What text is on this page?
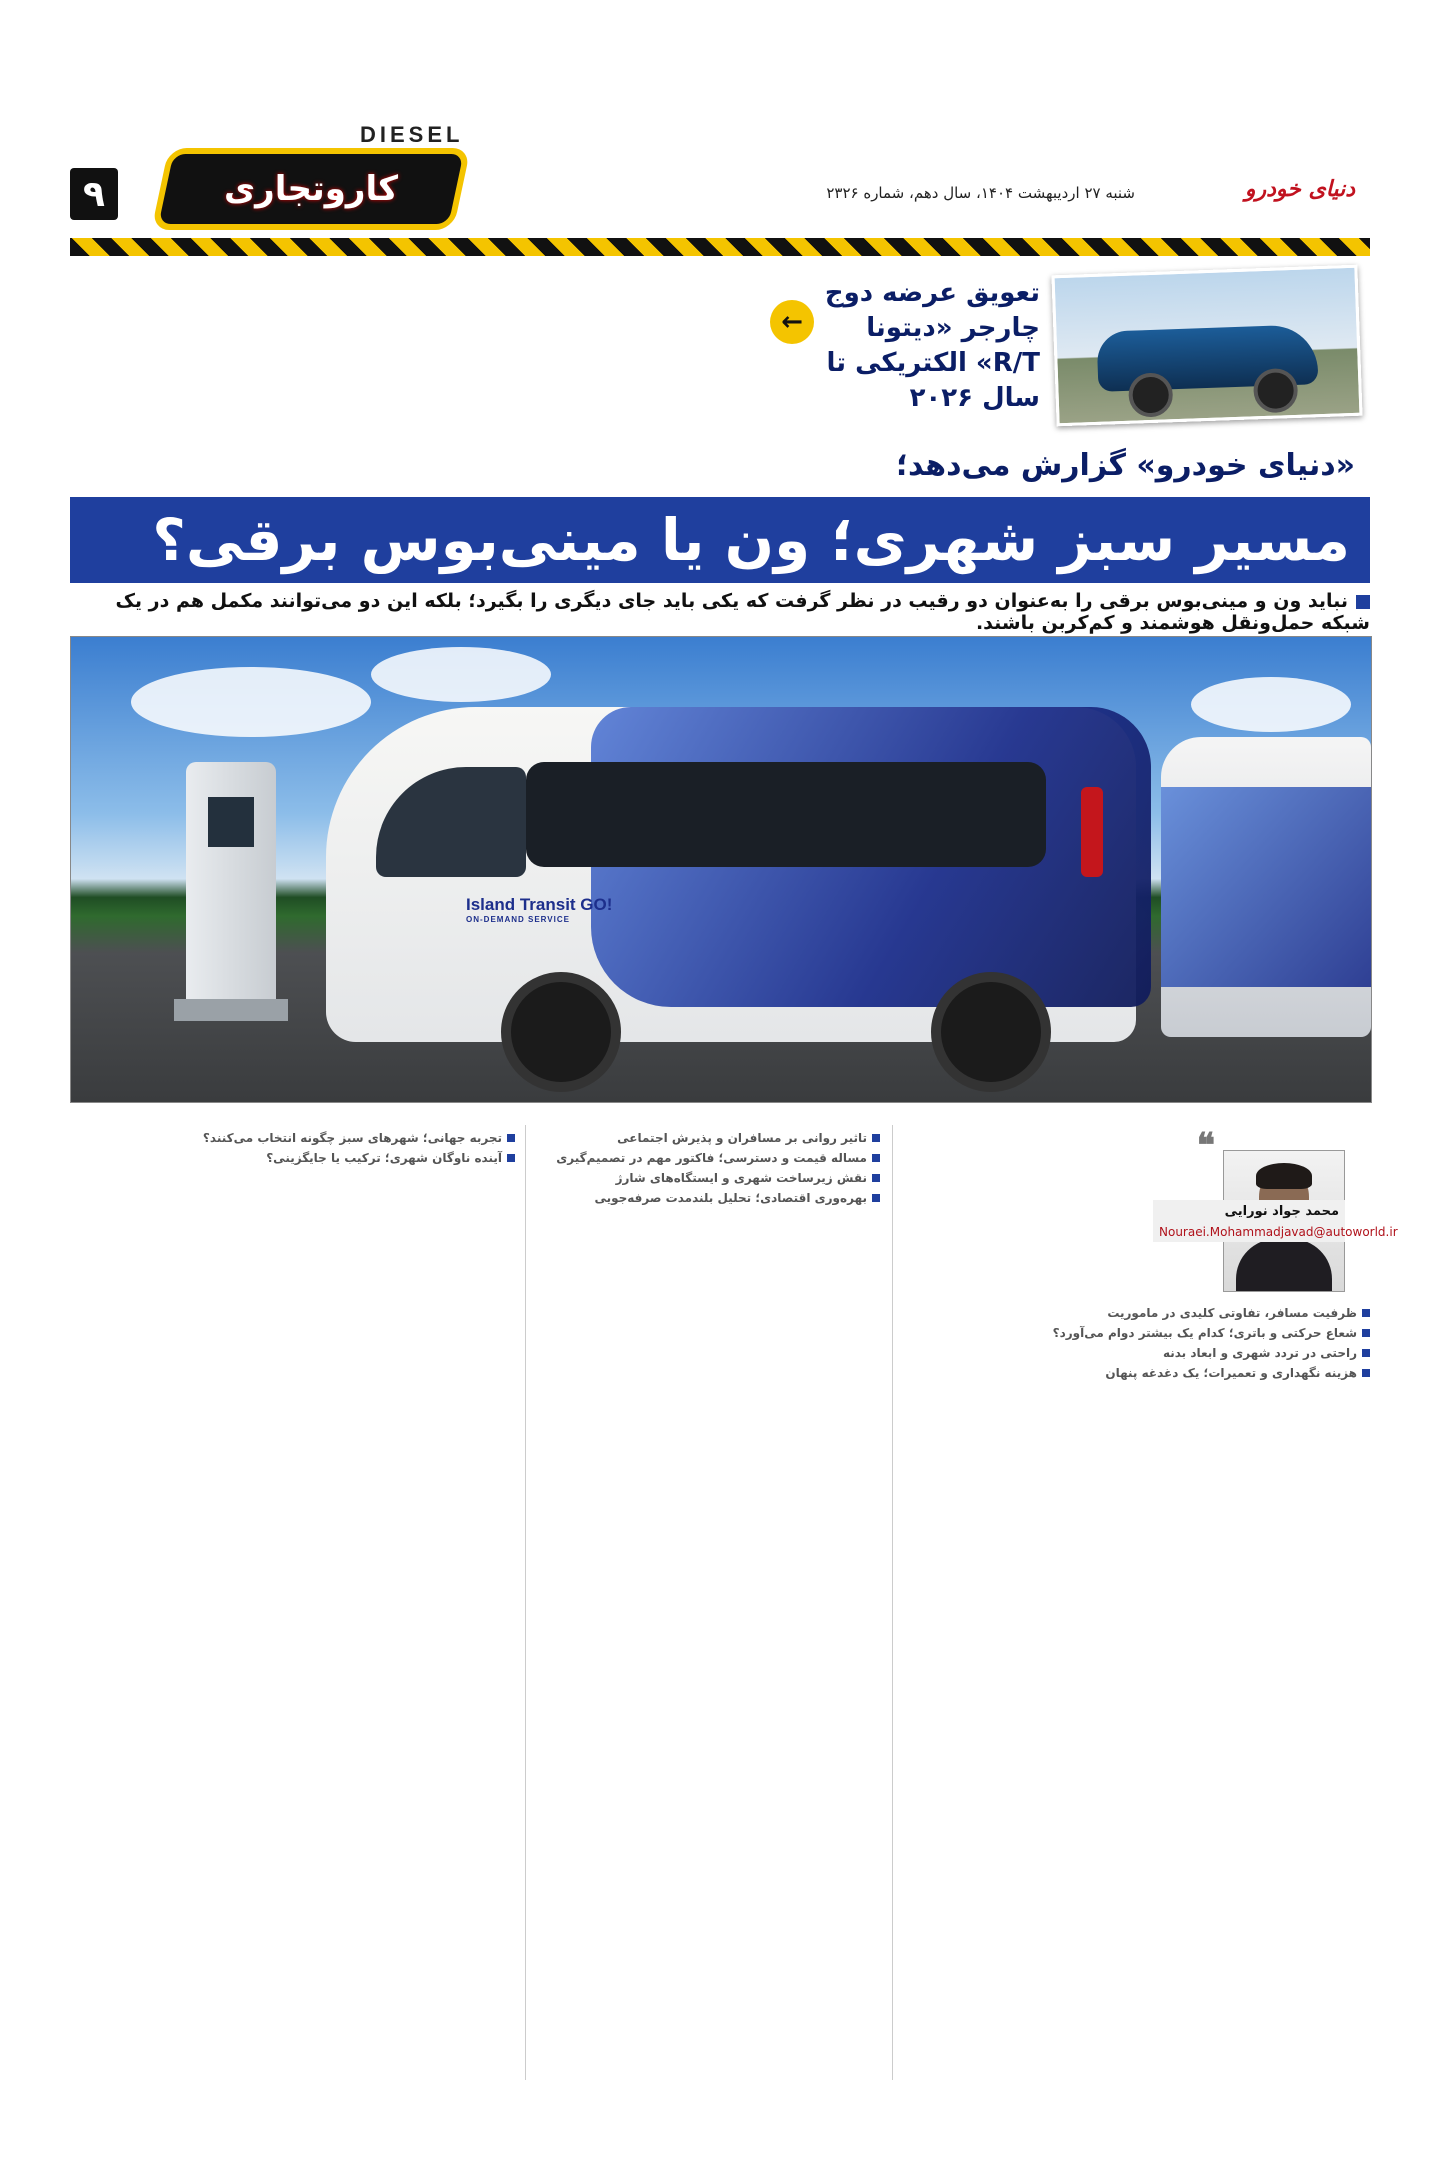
DIESEL
۹	کاروتجاری	شنبه ۲۷ اردیبهشت ۱۴۰۴، سال دهم، شماره ۲۳۲۶	دنیای خودرو
تعویق عرضه دوج چارجر «دیتونا R/T» الکتریکی تا سال ۲۰۲۶
←
«دنیای خودرو» گزارش می‌دهد؛
مسیر سبز شهری؛ ون یا مینی‌بوس برقی؟
نباید ون و مینی‌بوس برقی را به‌عنوان دو رقیب در نظر گرفت که یکی باید جای دیگری را بگیرد؛ بلکه این دو می‌توانند مکمل هم در یک شبکه حمل‌ونقل هوشمند و کم‌کربن باشند.
Island Transit GO!
ON-DEMAND SERVICE
❝
محمد جواد نورایی
Nouraei.Mohammadjavad@autoworld.ir
ظرفیت مسافر، تفاوتی کلیدی در ماموریت
شعاع حرکتی و باتری؛ کدام یک بیشتر دوام می‌آورد؟
راحتی در تردد شهری و ابعاد بدنه
هزینه نگهداری و تعمیرات؛ یک دغدغه پنهان
تاثیر روانی بر مسافران و پذیرش اجتماعی
مساله قیمت و دسترسی؛ فاکتور مهم در تصمیم‌گیری
نقش زیرساخت شهری و ایستگاه‌های شارژ
بهره‌وری اقتصادی؛ تحلیل بلندمدت صرفه‌جویی
تجربه جهانی؛ شهرهای سبز چگونه انتخاب می‌کنند؟
آینده ناوگان شهری؛ ترکیب یا جایگزینی؟
